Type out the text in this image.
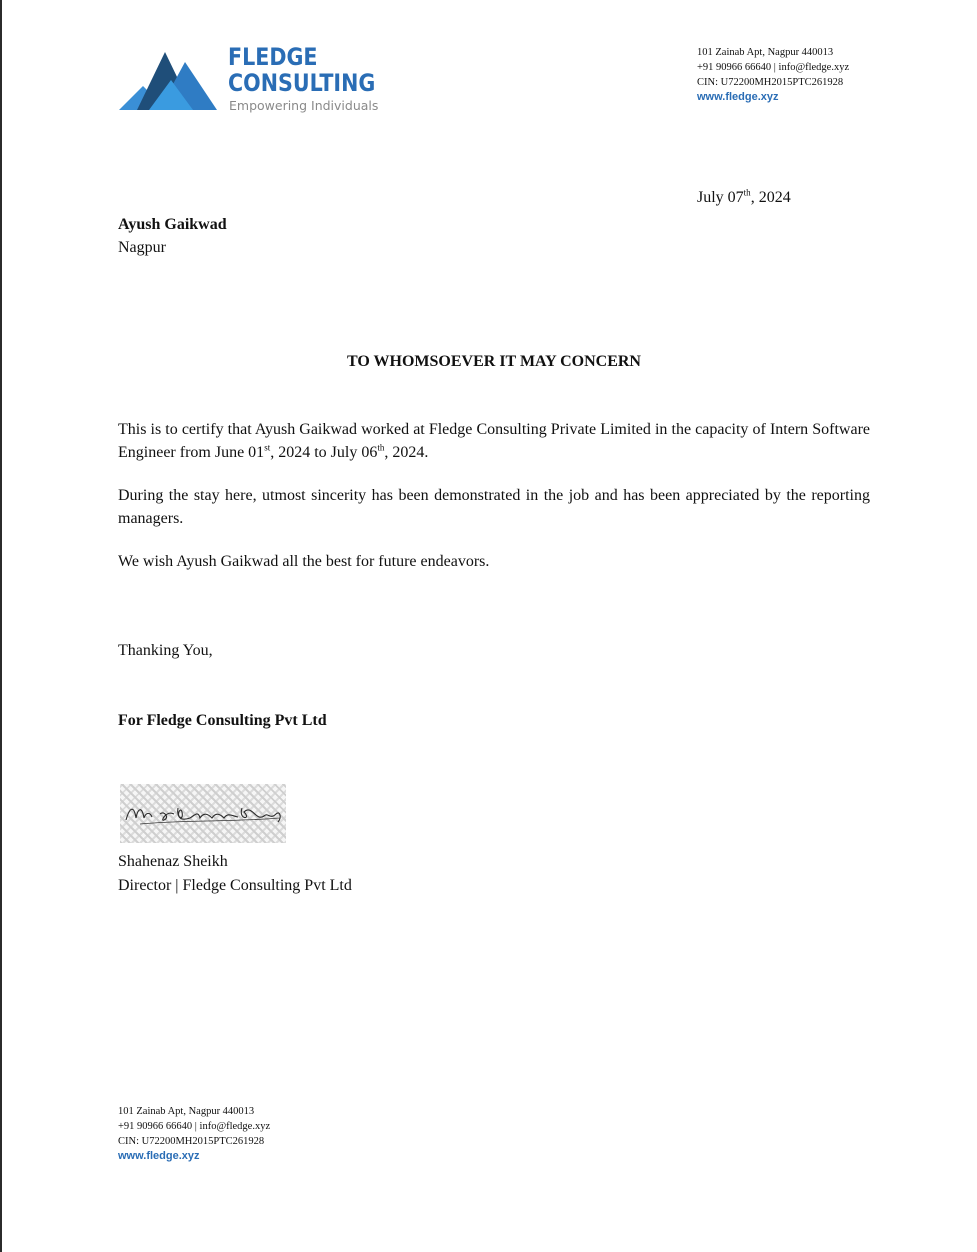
FLEDGE
CONSULTING
Empowering Individuals
101 Zainab Apt, Nagpur 440013
+91 90966 66640 | info@fledge.xyz
CIN: U72200MH2015PTC261928
www.fledge.xyz
July 07th, 2024
Ayush Gaikwad
Nagpur
TO WHOMSOEVER IT MAY CONCERN

This is to certify that Ayush Gaikwad worked at Fledge Consulting Private Limited in the capacity of Intern Software Engineer from June 01st, 2024 to July 06th, 2024.

During the stay here, utmost sincerity has been demonstrated in the job and has been appreciated by the reporting managers.

We wish Ayush Gaikwad all the best for future endeavors.

Thanking You,
For Fledge Consulting Pvt Ltd
Shahenaz Sheikh
Director | Fledge Consulting Pvt Ltd
101 Zainab Apt, Nagpur 440013
+91 90966 66640 | info@fledge.xyz
CIN: U72200MH2015PTC261928
www.fledge.xyz
